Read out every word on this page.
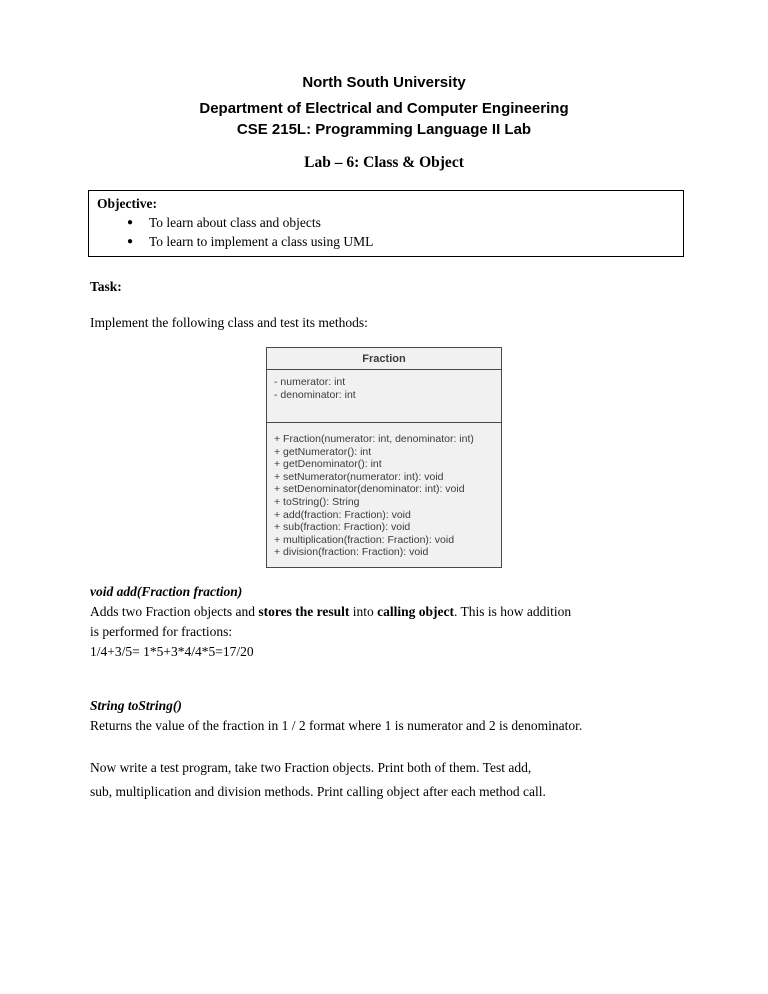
North South University
Department of Electrical and Computer Engineering
CSE 215L: Programming Language II Lab
Lab – 6: Class & Object
Objective:
●	To learn about class and objects
●	To learn to implement a class using UML
Task:
Implement the following class and test its methods:
Fraction
- numerator: int
- denominator: int
+ Fraction(numerator: int, denominator: int)
+ getNumerator(): int
+ getDenominator(): int
+ setNumerator(numerator: int): void
+ setDenominator(denominator: int): void
+ toString(): String
+ add(fraction: Fraction): void
+ sub(fraction: Fraction): void
+ multiplication(fraction: Fraction): void
+ division(fraction: Fraction): void
void add(Fraction fraction)
Adds two Fraction objects and stores the result into calling object. This is how addition
is performed for fractions:
1/4+3/5= 1*5+3*4/4*5=17/20
String toString()
Returns the value of the fraction in 1 / 2 format where 1 is numerator and 2 is denominator.
Now write a test program, take two Fraction objects. Print both of them. Test add,
sub, multiplication and division methods. Print calling object after each method call.
